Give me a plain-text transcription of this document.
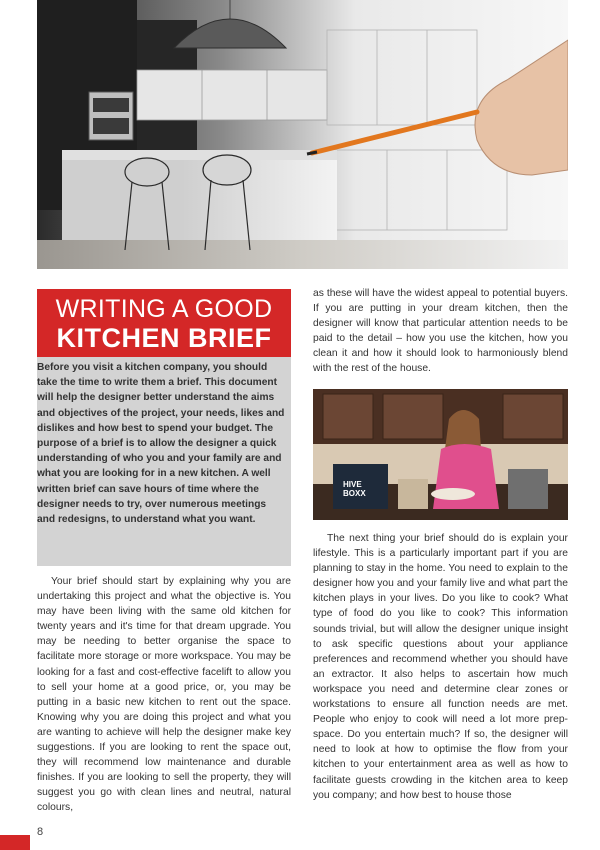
WRITING A GOOD
KITCHEN BRIEF

Before you visit a kitchen company, you should take the time to write them a brief. This document will help the designer better understand the aims and objectives of the project, your needs, likes and dislikes and how best to spend your budget. The purpose of a brief is to allow the designer a quick understanding of who you and your family are and what you are looking for in a new kitchen. A well written brief can save hours of time where the designer needs to try, over numerous meetings and redesigns, to understand what you want.

Your brief should start by explaining why you are undertaking this project and what the objective is. You may have been living with the same old kitchen for twenty years and it's time for that dream upgrade. You may be needing to better organise the space to facilitate more storage or more workspace. You may be looking for a fast and cost-effective facelift to allow you to sell your home at a good price, or, you may be putting in a basic new kitchen to rent out the space. Knowing why you are doing this project and what you are wanting to achieve will help the designer make key suggestions. If you are looking to rent the space out, they will recommend low maintenance and durable finishes. If you are looking to sell the property, they will suggest you go with clean lines and neutral, natural colours,

as these will have the widest appeal to potential buyers. If you are putting in your dream kitchen, then the designer will know that particular attention needs to be paid to the detail – how you use the kitchen, how you clean it and how it should look to harmoniously blend with the rest of the house.

HIVE BOXX

The next thing your brief should do is explain your lifestyle. This is a particularly important part if you are planning to stay in the home. You need to explain to the designer how you and your family live and what part the kitchen plays in your lives. Do you like to cook? What type of food do you like to cook? This information sounds trivial, but will allow the designer unique insight to ask specific questions about your appliance preferences and recommend whether you should have an extractor. It also helps to ascertain how much workspace you need and determine clear zones or workstations to ensure all function needs are met. People who enjoy to cook will need a lot more prep-space. Do you entertain much? If so, the designer will need to look at how to optimise the flow from your kitchen to your entertainment area as well as how to facilitate guests crowding in the kitchen area to keep you company; and how best to house those

8
